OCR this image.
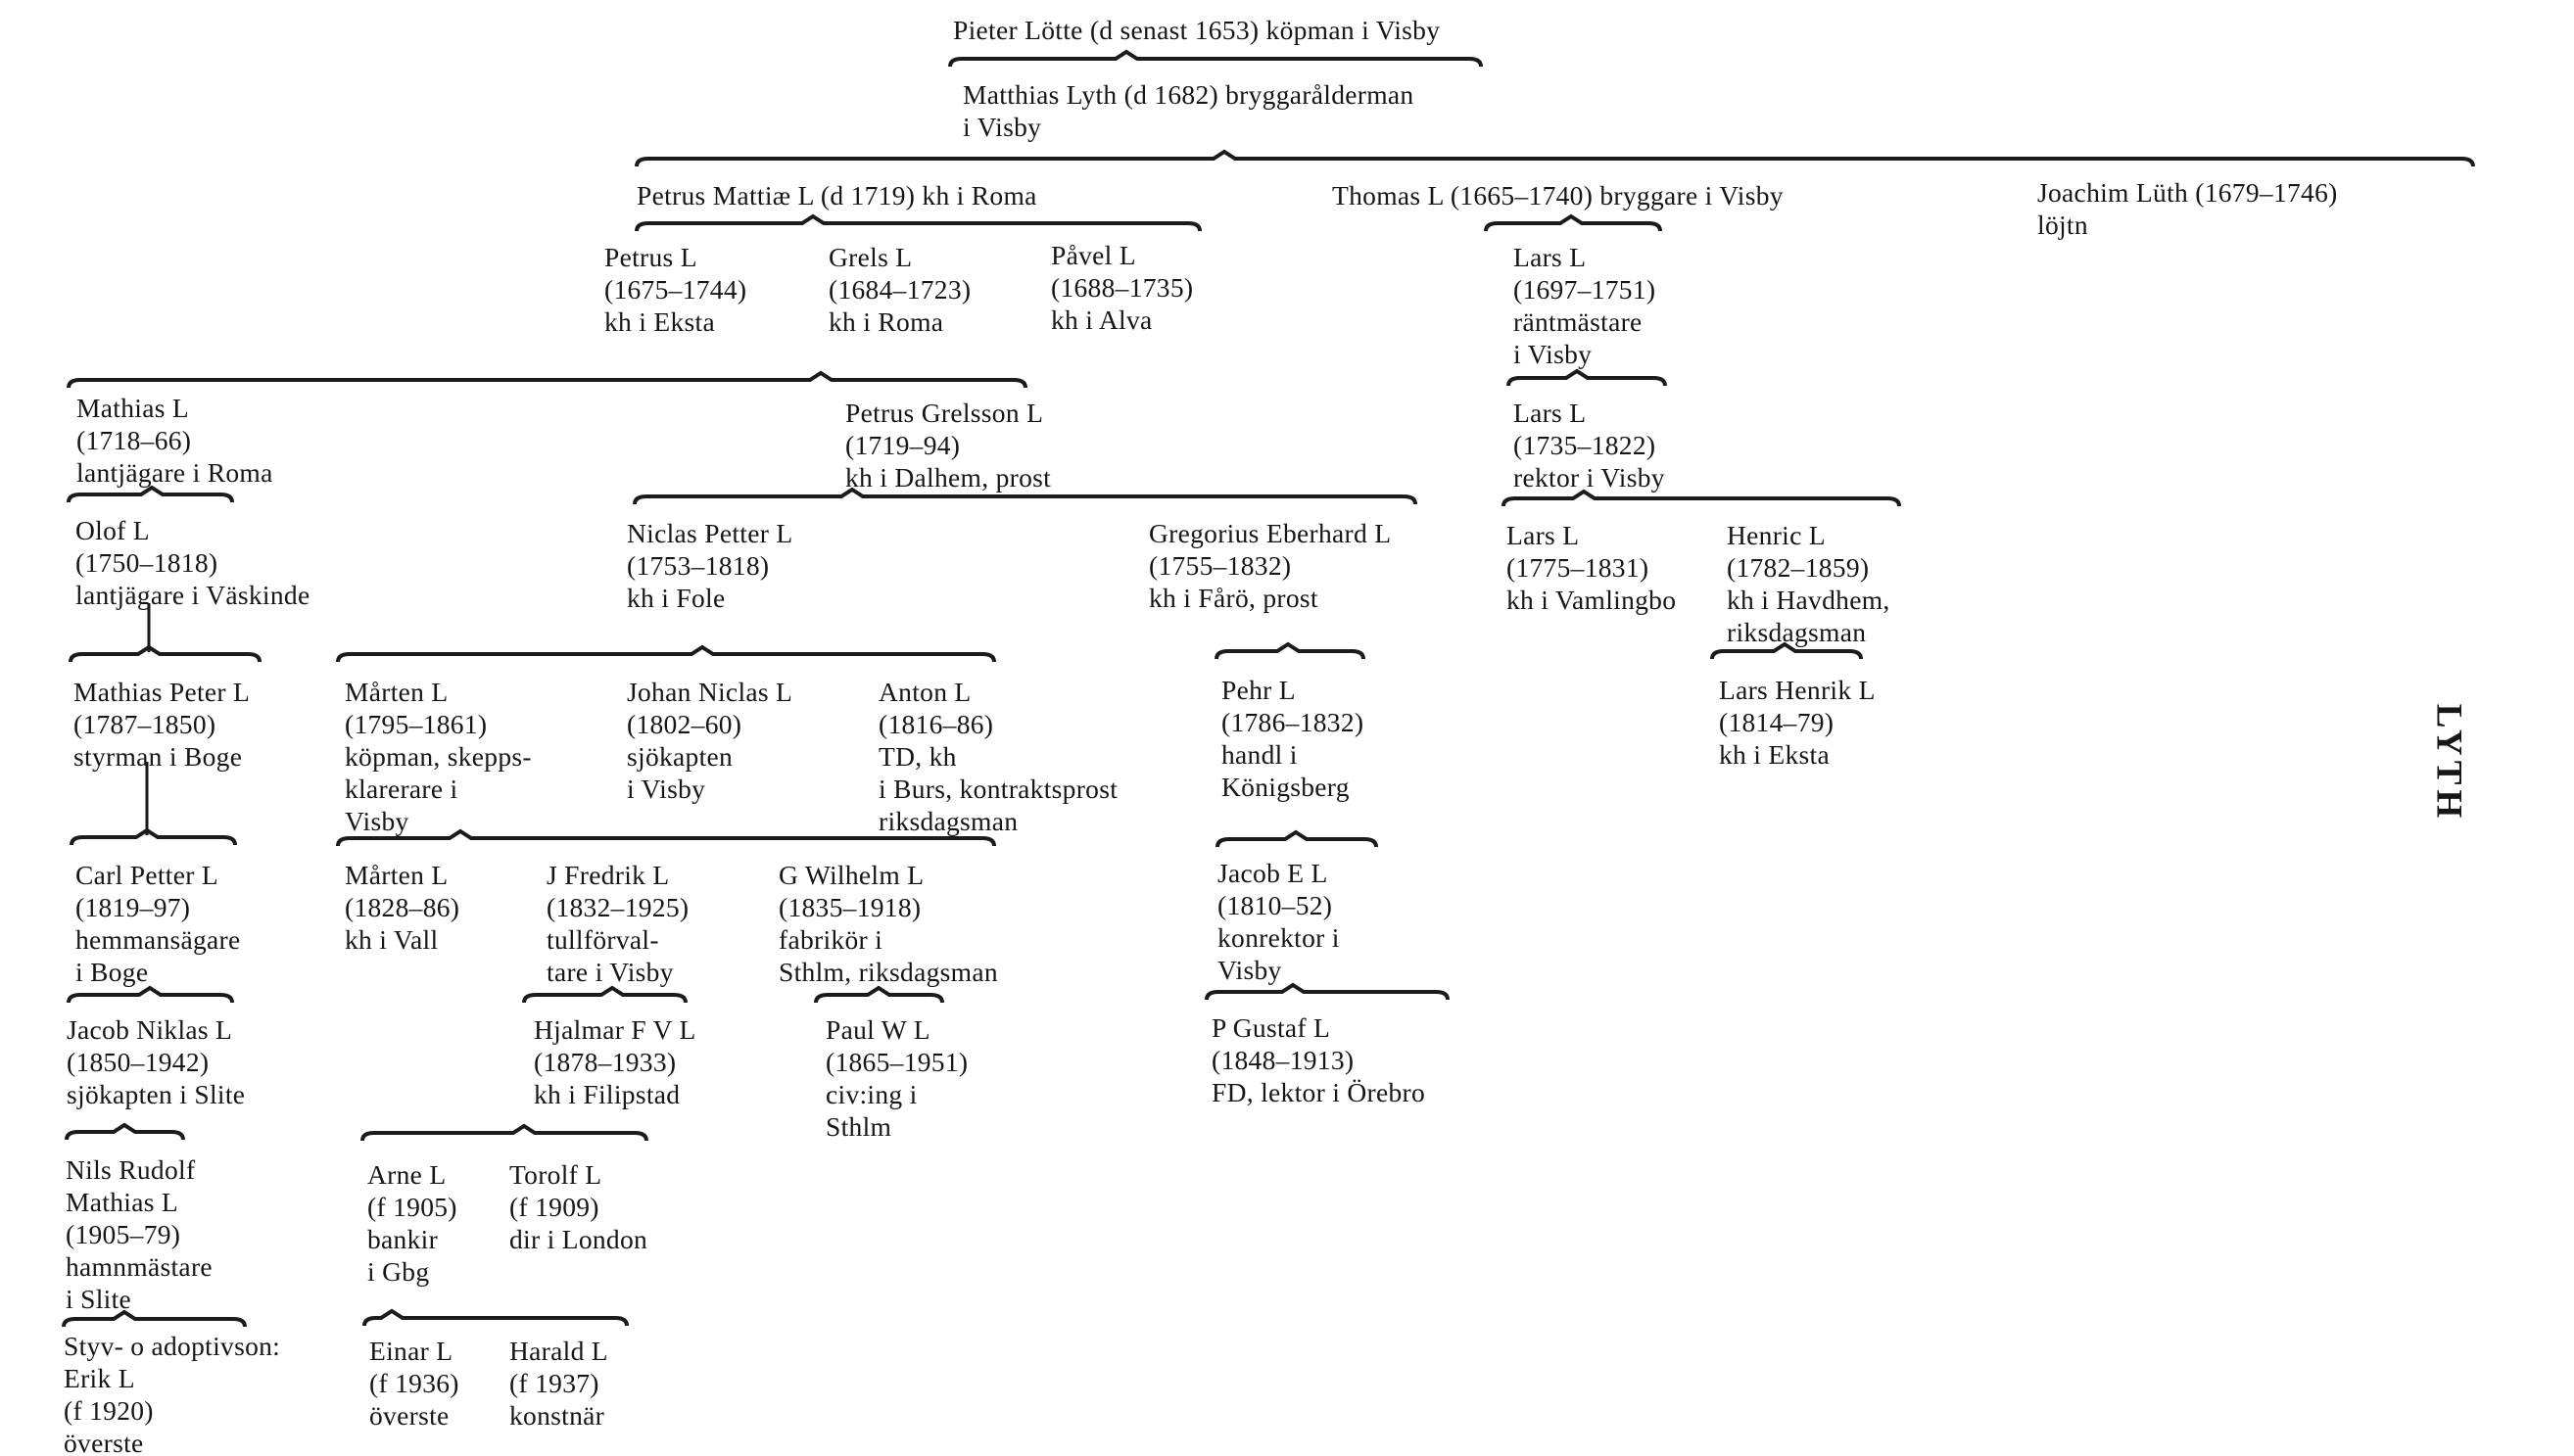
LYTH
Pieter Lötte (d senast 1653) köpman i Visby
Matthias Lyth (d 1682) bryggarålderman
i Visby
Petrus Mattiæ L (d 1719) kh i Roma	Thomas L (1665–1740) bryggare i Visby	Joachim Lüth (1679–1746)
löjtn
Petrus L
(1675–1744)
kh i Eksta
Grels L
(1684–1723)
kh i Roma
Påvel L
(1688–1735)
kh i Alva
Lars L
(1697–1751)
räntmästare
i Visby
Mathias L
(1718–66)
lantjägare i Roma
Petrus Grelsson L
(1719–94)
kh i Dalhem, prost
Lars L
(1735–1822)
rektor i Visby
Olof L
(1750–1818)
lantjägare i Väskinde
Niclas Petter L
(1753–1818)
kh i Fole
Gregorius Eberhard L
(1755–1832)
kh i Fårö, prost
Lars L
(1775–1831)
kh i Vamlingbo
Henric L
(1782–1859)
kh i Havdhem,
riksdagsman
Mathias Peter L
(1787–1850)
styrman i Boge
Mårten L
(1795–1861)
köpman, skepps-
klarerare i
Visby
Johan Niclas L
(1802–60)
sjökapten
i Visby
Anton L
(1816–86)
TD, kh
i Burs, kontraktsprost
riksdagsman
Pehr L
(1786–1832)
handl i
Königsberg
Lars Henrik L
(1814–79)
kh i Eksta
Carl Petter L
(1819–97)
hemmansägare
i Boge
Mårten L
(1828–86)
kh i Vall
J Fredrik L
(1832–1925)
tullförval-
tare i Visby
G Wilhelm L
(1835–1918)
fabrikör i
Sthlm, riksdagsman
Jacob E L
(1810–52)
konrektor i
Visby
Jacob Niklas L
(1850–1942)
sjökapten i Slite
Hjalmar F V L
(1878–1933)
kh i Filipstad
Paul W L
(1865–1951)
civ:ing i
Sthlm
P Gustaf L
(1848–1913)
FD, lektor i Örebro
Nils Rudolf
Mathias L
(1905–79)
hamnmästare
i Slite
Arne L
(f 1905)
bankir
i Gbg
Torolf L
(f 1909)
dir i London
Styv- o adoptivson:
Erik L
(f 1920)
överste
Einar L
(f 1936)
överste
Harald L
(f 1937)
konstnär
